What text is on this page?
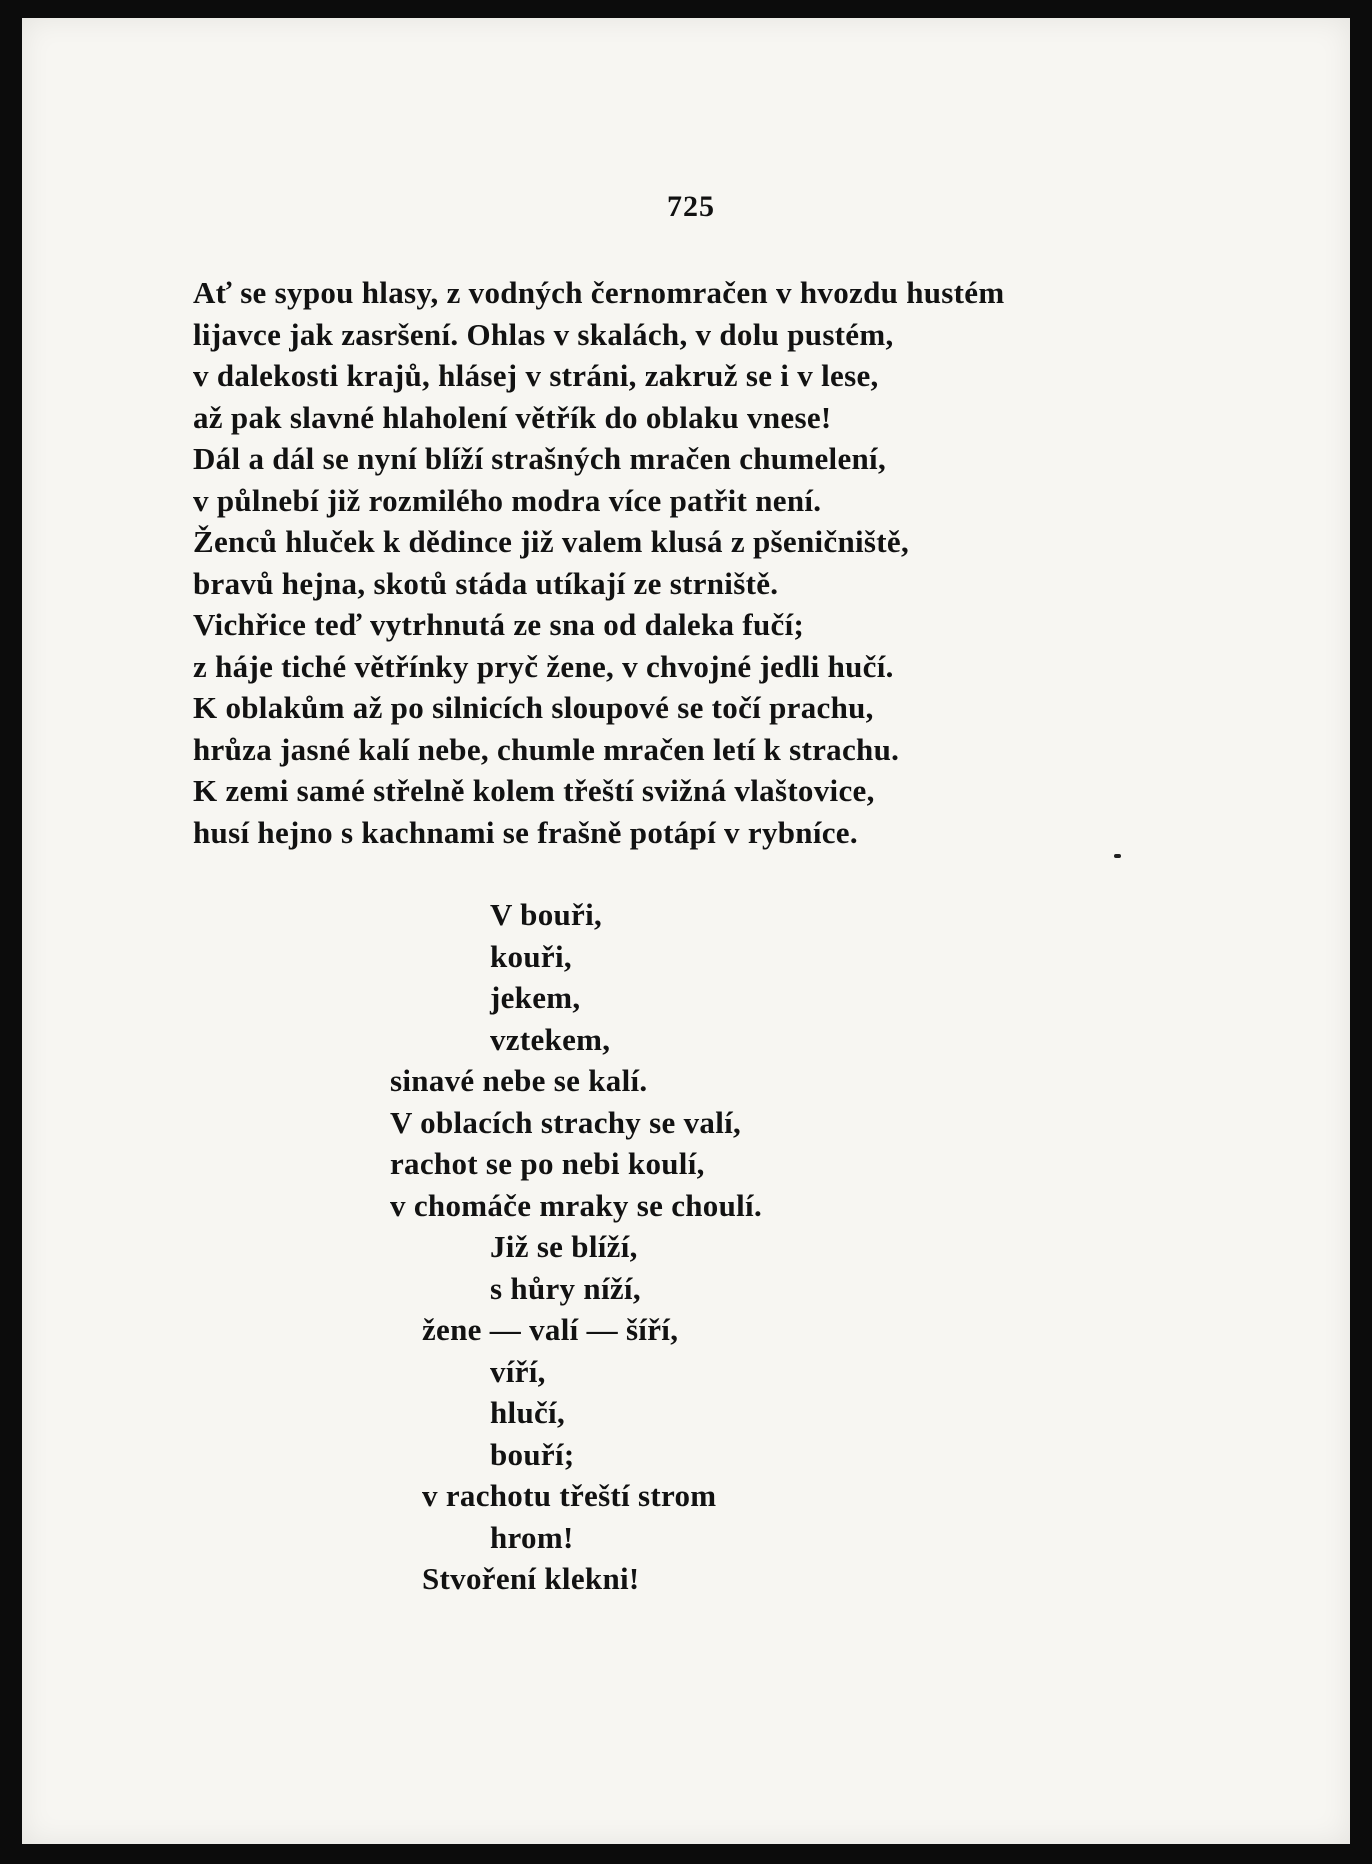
725
Ať se sypou hlasy, z vodných černomračen v hvozdu hustém
lijavce jak zasršení. Ohlas v skalách, v dolu pustém,
v dalekosti krajů, hlásej v stráni, zakruž se i v lese,
až pak slavné hlaholení větřík do oblaku vnese!
Dál a dál se nyní blíží strašných mračen chumelení,
v půlnebí již rozmilého modra více patřit není.
Ženců hluček k dědince již valem klusá z pšeničniště,
bravů hejna, skotů stáda utíkají ze strniště.
Vichřice teď vytrhnutá ze sna od daleka fučí;
z háje tiché větřínky pryč žene, v chvojné jedli hučí.
K oblakům až po silnicích sloupové se točí prachu,
hrůza jasné kalí nebe, chumle mračen letí k strachu.
K zemi samé střelně kolem třeští svižná vlaštovice,
husí hejno s kachnami se frašně potápí v rybníce.
V bouři,
kouři,
jekem,
vztekem,
sinavé nebe se kalí.
V oblacích strachy se valí,
rachot se po nebi koulí,
v chomáče mraky se choulí.
Již se blíží,
s hůry níží,
žene — valí — šíří,
víří,
hlučí,
bouří;
v rachotu třeští strom
hrom!
Stvoření klekni!
